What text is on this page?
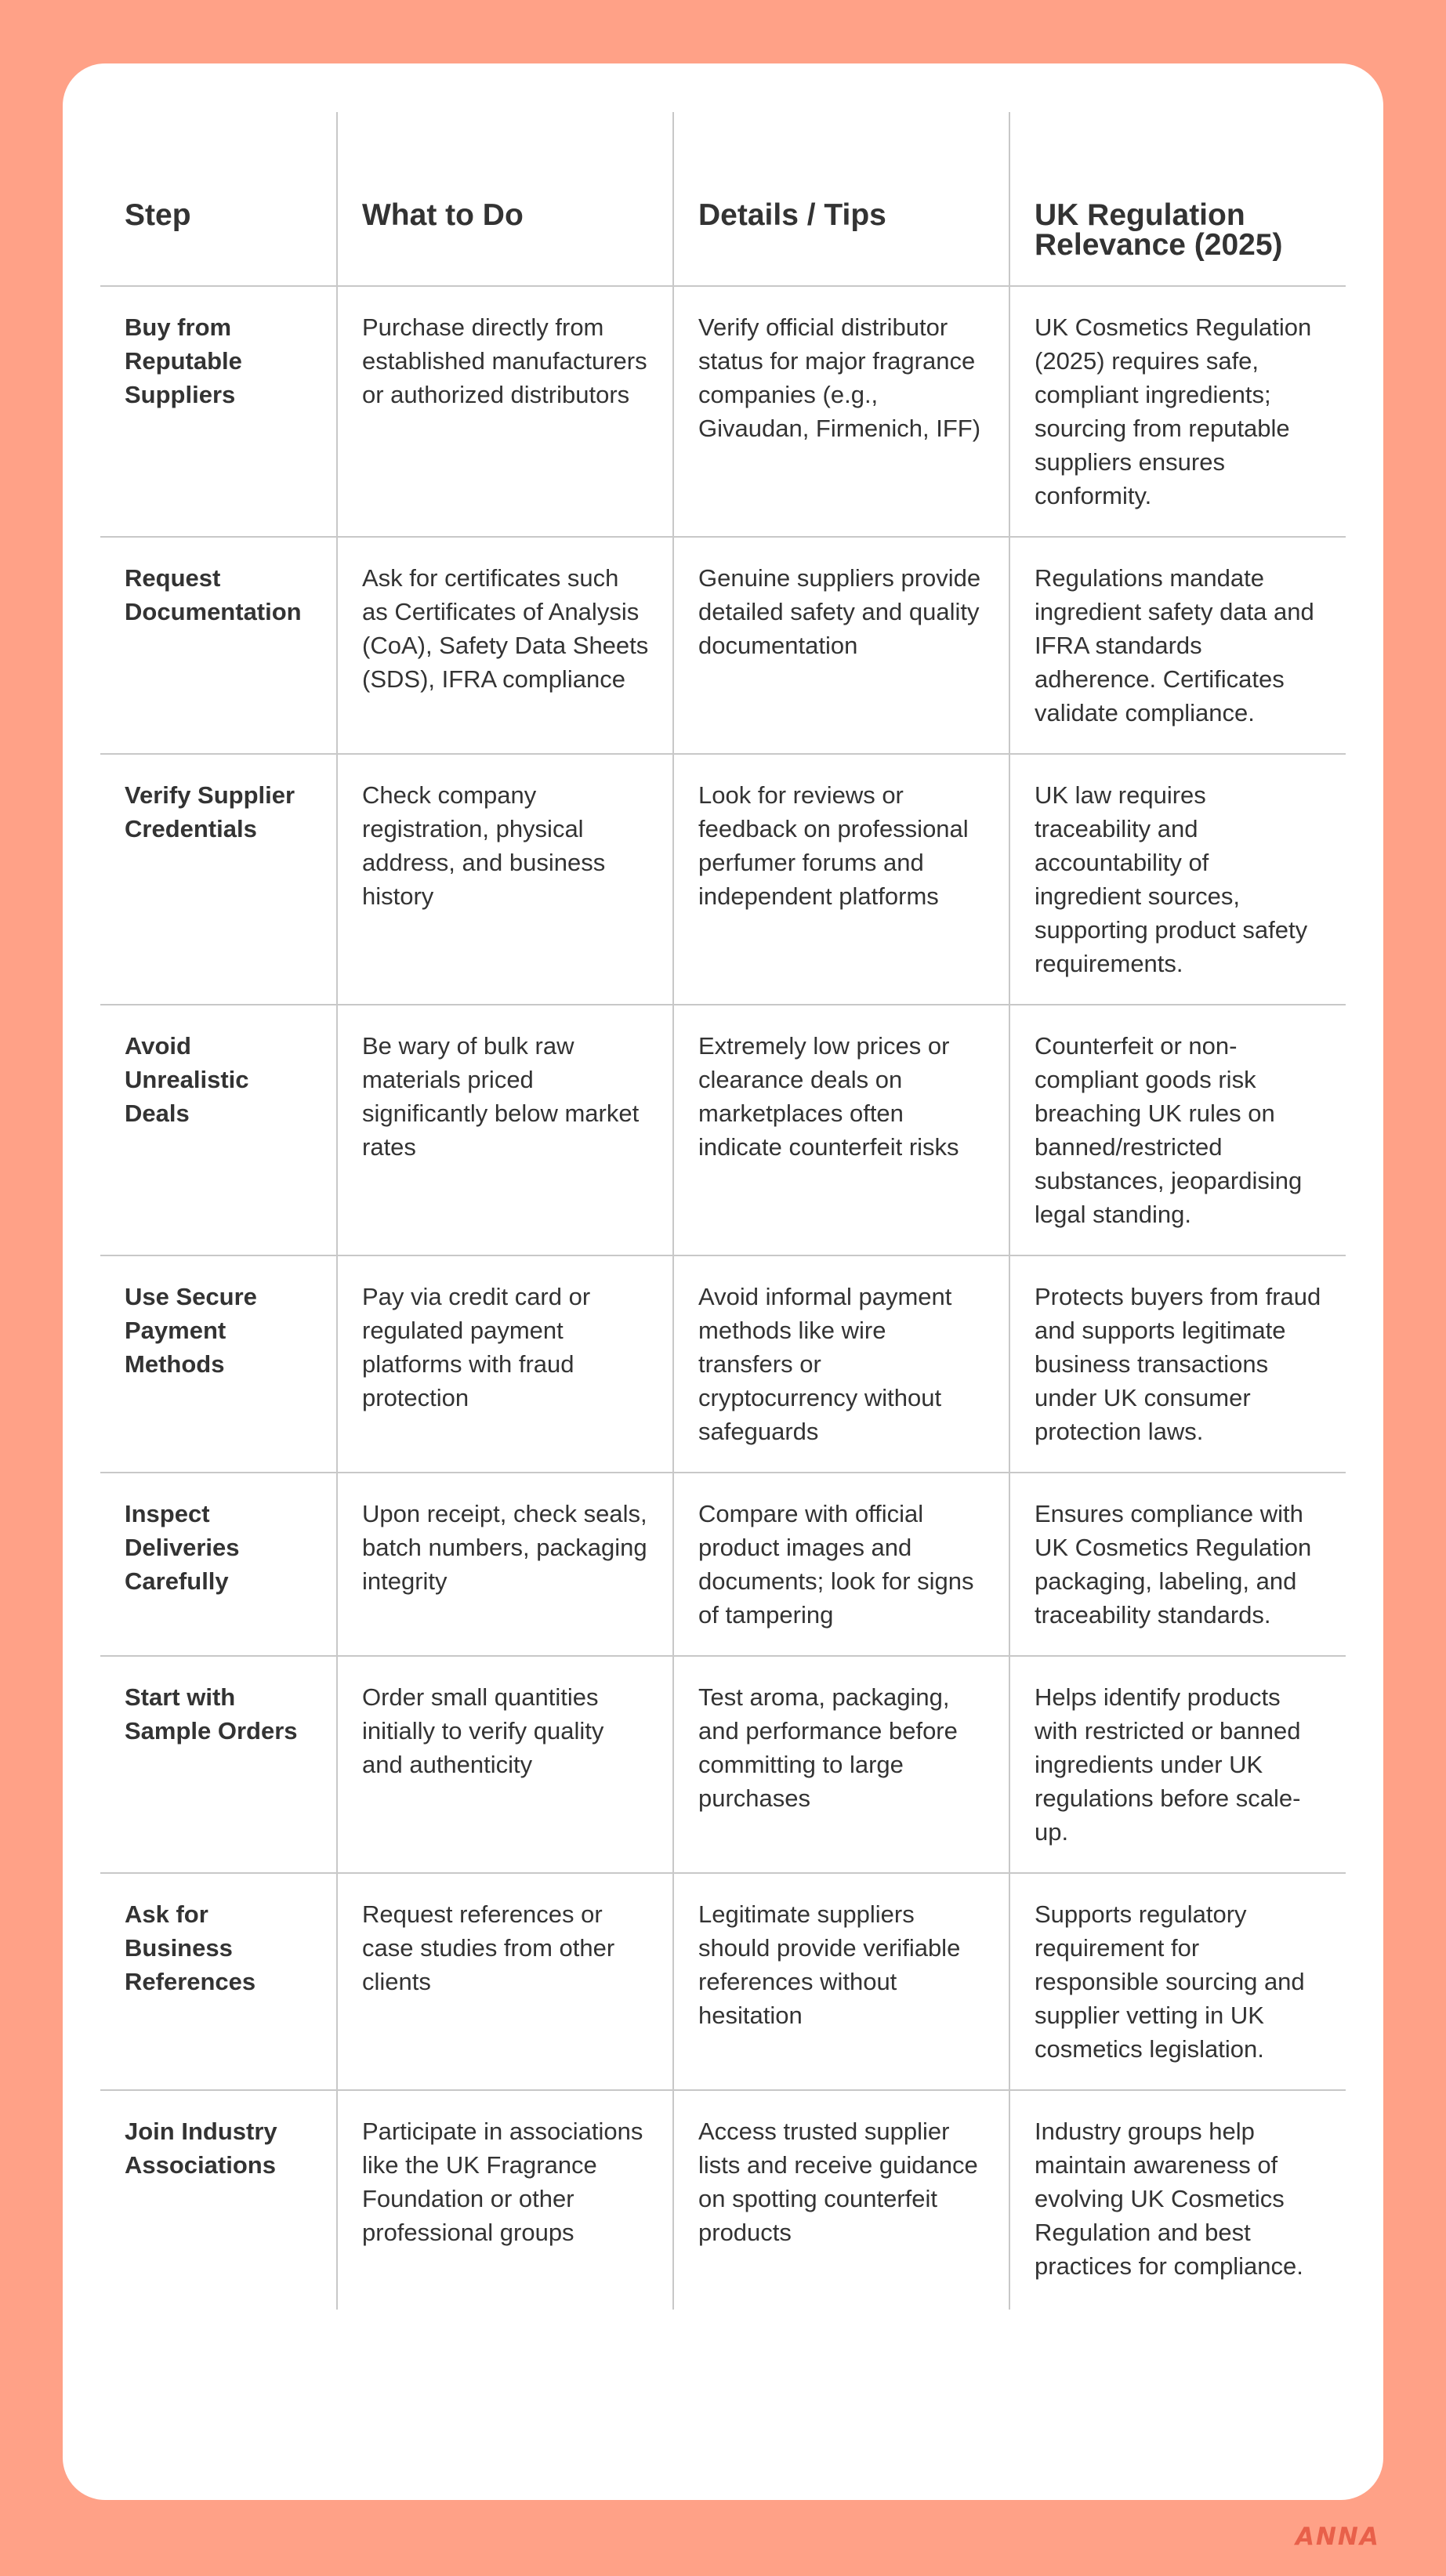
Step	What to Do	Details / Tips	UK Regulation Relevance (2025)
Buy from Reputable Suppliers	Purchase directly from established manufacturers or authorized distributors	Verify official distributor status for major fragrance companies (e.g., Givaudan, Firmenich, IFF)	UK Cosmetics Regulation (2025) requires safe, compliant ingredients; sourcing from reputable suppliers ensures conformity.
Request Documentation	Ask for certificates such as Certificates of Analysis (CoA), Safety Data Sheets (SDS), IFRA compliance	Genuine suppliers provide detailed safety and quality documentation	Regulations mandate ingredient safety data and IFRA standards adherence. Certificates validate compliance.
Verify Supplier Credentials	Check company registration, physical address, and business history	Look for reviews or feedback on professional perfumer forums and independent platforms	UK law requires traceability and accountability of ingredient sources, supporting product safety requirements.
Avoid Unrealistic Deals	Be wary of bulk raw materials priced significantly below market rates	Extremely low prices or clearance deals on marketplaces often indicate counterfeit risks	Counterfeit or non-compliant goods risk breaching UK rules on banned/restricted substances, jeopardising legal standing.
Use Secure Payment Methods	Pay via credit card or regulated payment platforms with fraud protection	Avoid informal payment methods like wire transfers or cryptocurrency without safeguards	Protects buyers from fraud and supports legitimate business transactions under UK consumer protection laws.
Inspect Deliveries Carefully	Upon receipt, check seals, batch numbers, packaging integrity	Compare with official product images and documents; look for signs of tampering	Ensures compliance with UK Cosmetics Regulation packaging, labeling, and traceability standards.
Start with Sample Orders	Order small quantities initially to verify quality and authenticity	Test aroma, packaging, and performance before committing to large purchases	Helps identify products with restricted or banned ingredients under UK regulations before scale-up.
Ask for Business References	Request references or case studies from other clients	Legitimate suppliers should provide verifiable references without hesitation	Supports regulatory requirement for responsible sourcing and supplier vetting in UK cosmetics legislation.
Join Industry Associations	Participate in associations like the UK Fragrance Foundation or other professional groups	Access trusted supplier lists and receive guidance on spotting counterfeit products	Industry groups help maintain awareness of evolving UK Cosmetics Regulation and best practices for compliance.
ANNA
